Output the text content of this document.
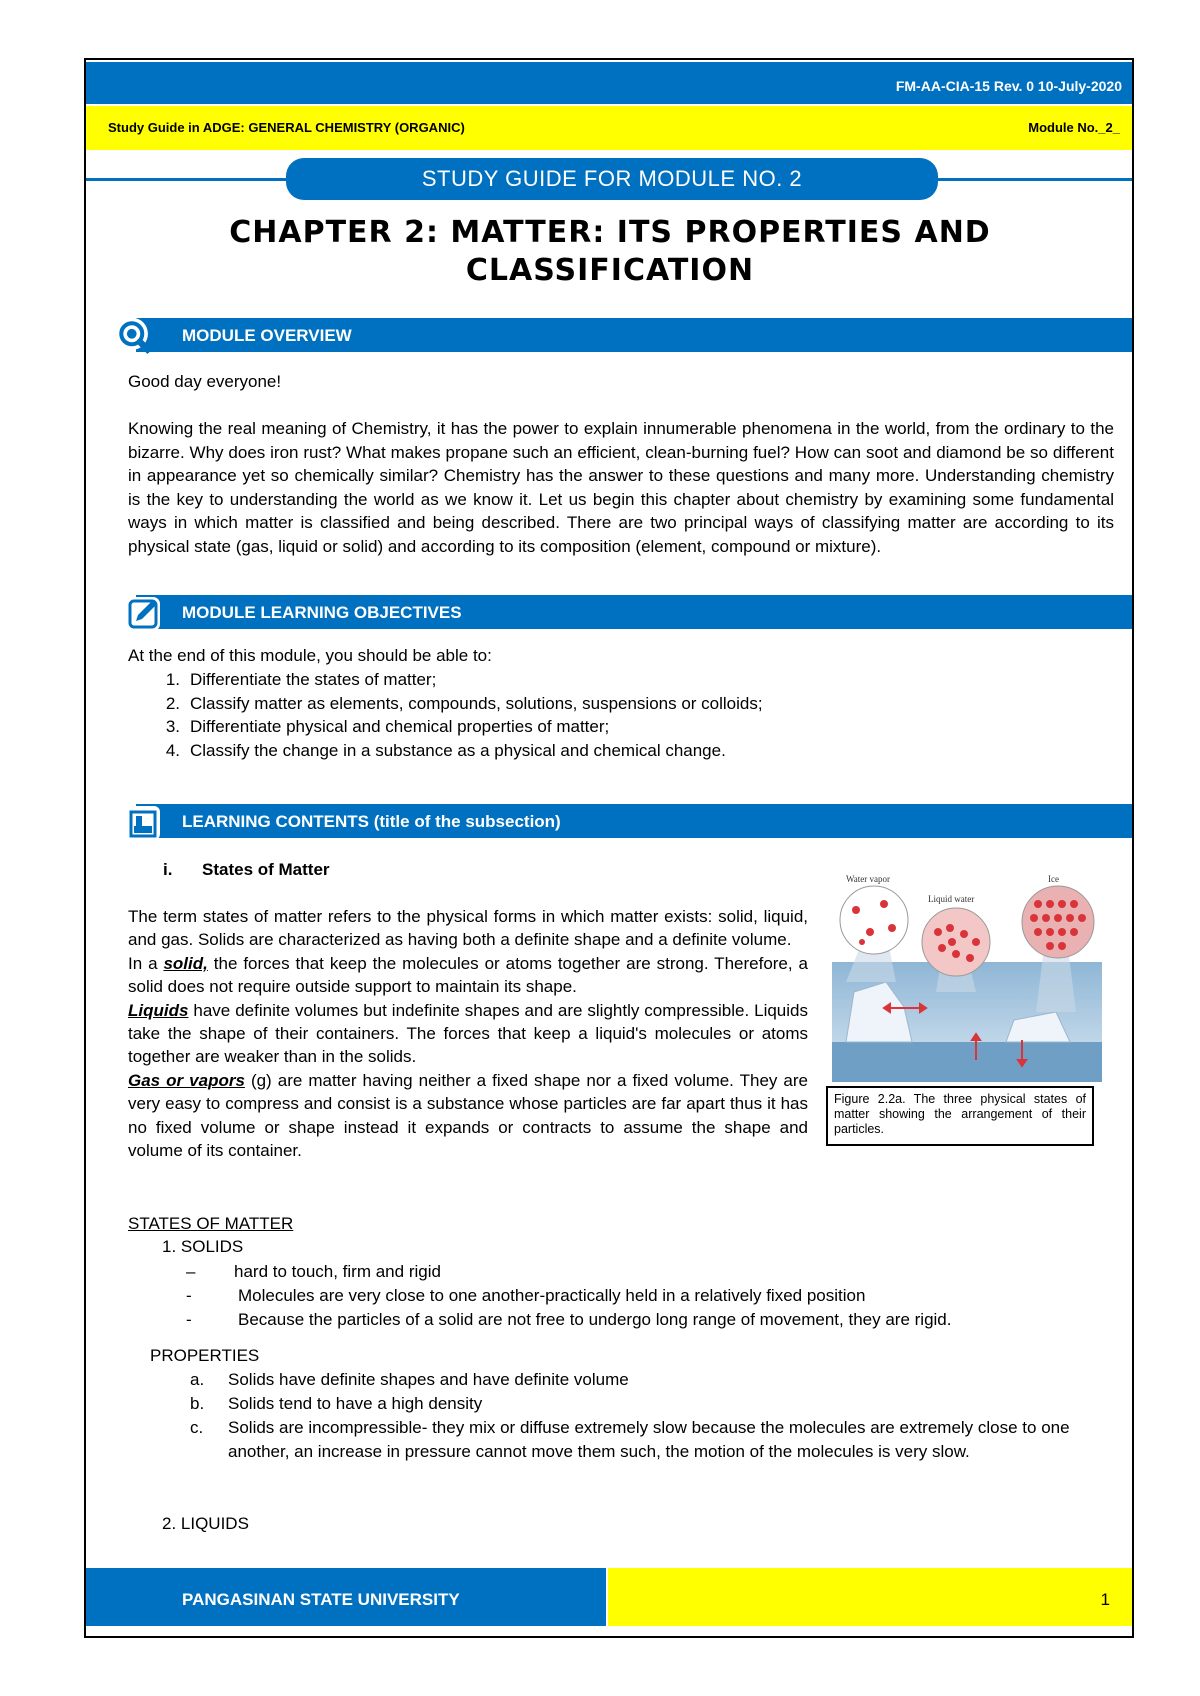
FM-AA-CIA-15 Rev. 0 10-July-2020
Study Guide in ADGE: GENERAL CHEMISTRY (ORGANIC)	Module No._2_
STUDY GUIDE FOR MODULE NO. 2
CHAPTER 2: MATTER: ITS PROPERTIES AND
CLASSIFICATION
MODULE OVERVIEW
Good day everyone!
Knowing the real meaning of Chemistry, it has the power to explain innumerable phenomena in the world, from the ordinary to the bizarre. Why does iron rust? What makes propane such an efficient, clean-burning fuel? How can soot and diamond be so different in appearance yet so chemically similar? Chemistry has the answer to these questions and many more. Understanding chemistry is the key to understanding the world as we know it. Let us begin this chapter about chemistry by examining some fundamental ways in which matter is classified and being described. There are two principal ways of classifying matter are according to its physical state (gas, liquid or solid) and according to its composition (element, compound or mixture).
MODULE LEARNING OBJECTIVES
At the end of this module, you should be able to:
1. Differentiate the states of matter;
2. Classify matter as elements, compounds, solutions, suspensions or colloids;
3. Differentiate physical and chemical properties of matter;
4. Classify the change in a substance as a physical and chemical change.
LEARNING CONTENTS (title of the subsection)
i. States of Matter
The term states of matter refers to the physical forms in which matter exists: solid, liquid, and gas. Solids are characterized as having both a definite shape and a definite volume.
In a solid, the forces that keep the molecules or atoms together are strong. Therefore, a solid does not require outside support to maintain its shape.
Liquids have definite volumes but indefinite shapes and are slightly compressible. Liquids take the shape of their containers. The forces that keep a liquid's molecules or atoms together are weaker than in the solids.
Gas or vapors (g) are matter having neither a fixed shape nor a fixed volume. They are very easy to compress and consist is a substance whose particles are far apart thus it has no fixed volume or shape instead it expands or contracts to assume the shape and volume of its container.
Water vapor
Liquid water
Ice
Figure 2.2a. The three physical states of matter showing the arrangement of their particles.
STATES OF MATTER
1. SOLIDS
– hard to touch, firm and rigid
-	Molecules are very close to one another-practically held in a relatively fixed position
-	Because the particles of a solid are not free to undergo long range of movement, they are rigid.
PROPERTIES
a. Solids have definite shapes and have definite volume
b. Solids tend to have a high density
c. Solids are incompressible- they mix or diffuse extremely slow because the molecules are extremely close to one another, an increase in pressure cannot move them such, the motion of the molecules is very slow.
2. LIQUIDS
PANGASINAN STATE UNIVERSITY	1
